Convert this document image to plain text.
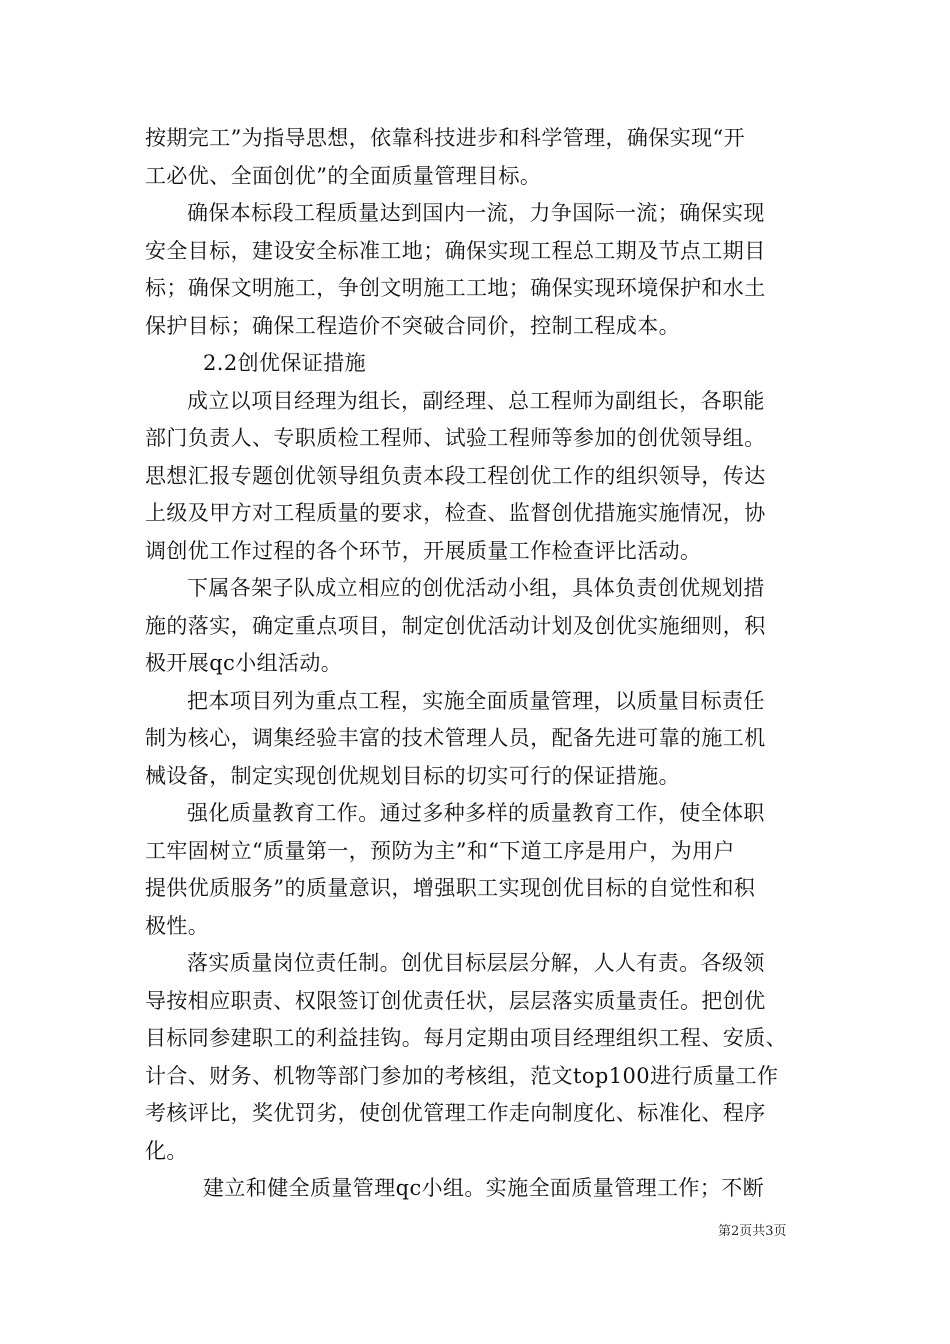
按期完工”为指导思想，依靠科技进步和科学管理，确保实现“开
工必优、全面创优”的全面质量管理目标。
确保本标段工程质量达到国内一流，力争国际一流；确保实现
安全目标，建设安全标准工地；确保实现工程总工期及节点工期目
标；确保文明施工，争创文明施工工地；确保实现环境保护和水土
保护目标；确保工程造价不突破合同价，控制工程成本。
2.2创优保证措施
成立以项目经理为组长，副经理、总工程师为副组长，各职能
部门负责人、专职质检工程师、试验工程师等参加的创优领导组。
思想汇报专题创优领导组负责本段工程创优工作的组织领导，传达
上级及甲方对工程质量的要求，检查、监督创优措施实施情况，协
调创优工作过程的各个环节，开展质量工作检查评比活动。
下属各架子队成立相应的创优活动小组，具体负责创优规划措
施的落实，确定重点项目，制定创优活动计划及创优实施细则，积
极开展qc小组活动。
把本项目列为重点工程，实施全面质量管理，以质量目标责任
制为核心，调集经验丰富的技术管理人员，配备先进可靠的施工机
械设备，制定实现创优规划目标的切实可行的保证措施。
强化质量教育工作。通过多种多样的质量教育工作，使全体职
工牢固树立“质量第一，预防为主”和“下道工序是用户，为用户
提供优质服务”的质量意识，增强职工实现创优目标的自觉性和积
极性。
落实质量岗位责任制。创优目标层层分解，人人有责。各级领
导按相应职责、权限签订创优责任状，层层落实质量责任。把创优
目标同参建职工的利益挂钩。每月定期由项目经理组织工程、安质、
计合、财务、机物等部门参加的考核组，范文top100进行质量工作
考核评比，奖优罚劣，使创优管理工作走向制度化、标准化、程序
化。
建立和健全质量管理qc小组。实施全面质量管理工作；不断
第2页共3页
